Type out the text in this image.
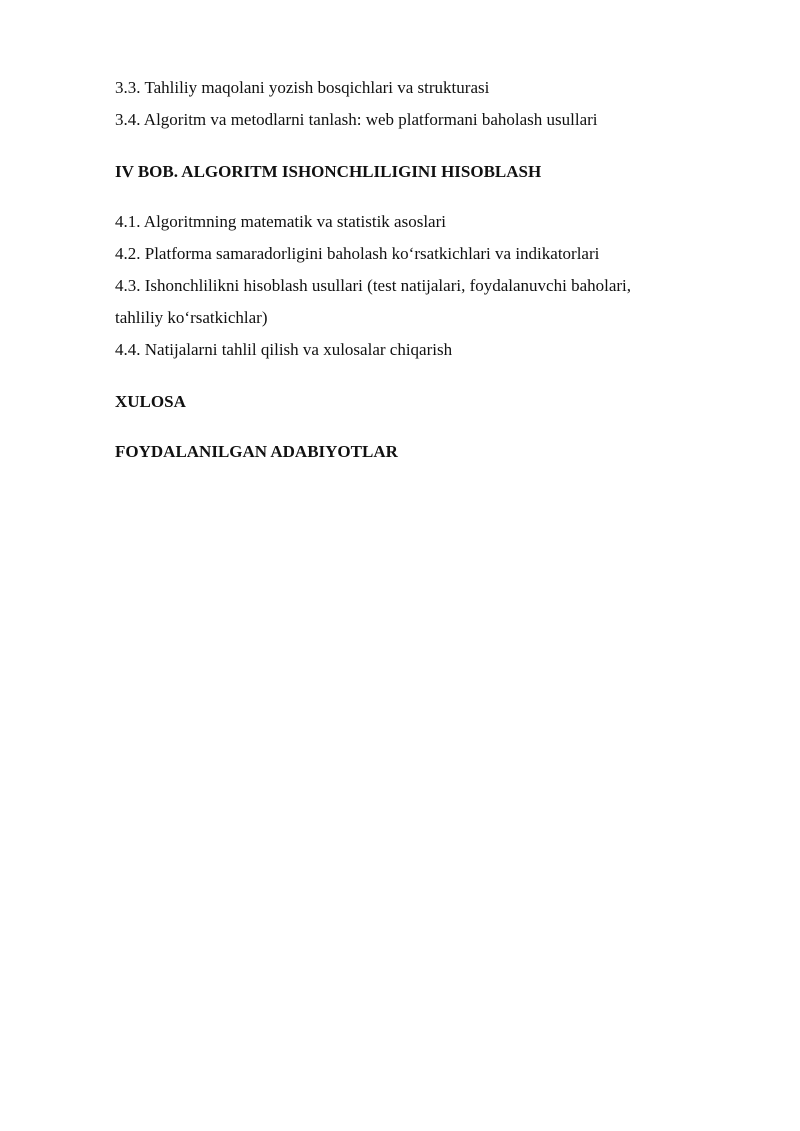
3.3. Tahliliy maqolani yozish bosqichlari va strukturasi
3.4. Algoritm va metodlarni tanlash: web platformani baholash usullari
IV BOB. ALGORITM ISHONCHLILIGINI HISOBLASH
4.1. Algoritmning matematik va statistik asoslari
4.2. Platforma samaradorligini baholash ko‘rsatkichlari va indikatorlari
4.3. Ishonchlilikni hisoblash usullari (test natijalari, foydalanuvchi baholari,
tahliliy ko‘rsatkichlar)
4.4. Natijalarni tahlil qilish va xulosalar chiqarish
XULOSA
FOYDALANILGAN ADABIYOTLAR
